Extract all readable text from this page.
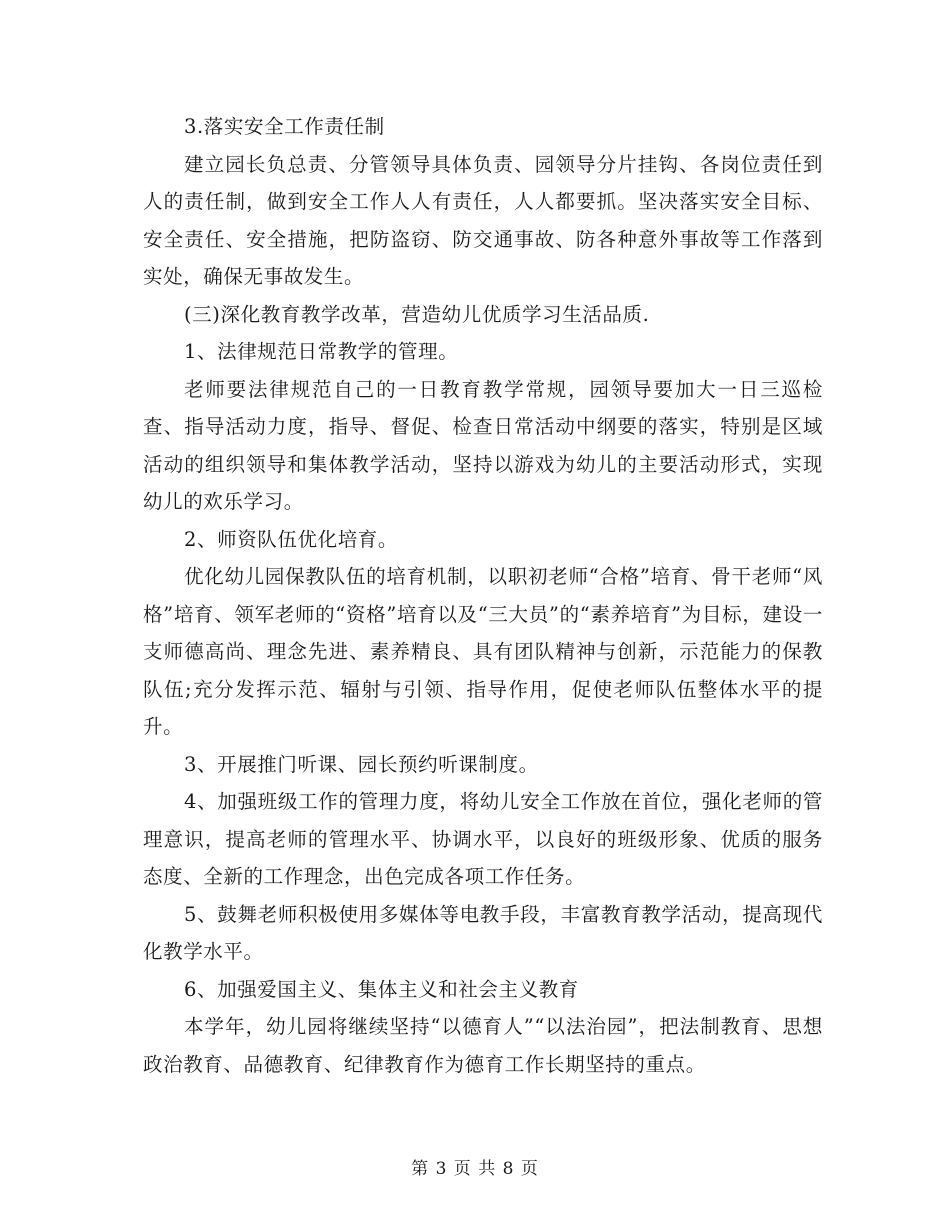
3.落实安全工作责任制

建立园长负总责、分管领导具体负责、园领导分片挂钩、各岗位责任到人的责任制，做到安全工作人人有责任，人人都要抓。坚决落实安全目标、安全责任、安全措施，把防盗窃、防交通事故、防各种意外事故等工作落到实处，确保无事故发生。

(三)深化教育教学改革，营造幼儿优质学习生活品质.

1、法律规范日常教学的管理。

老师要法律规范自己的一日教育教学常规，园领导要加大一日三巡检查、指导活动力度，指导、督促、检查日常活动中纲要的落实，特别是区域活动的组织领导和集体教学活动，坚持以游戏为幼儿的主要活动形式，实现幼儿的欢乐学习。

2、师资队伍优化培育。

优化幼儿园保教队伍的培育机制，以职初老师“合格”培育、骨干老师“风格”培育、领军老师的“资格”培育以及“三大员”的“素养培育”为目标，建设一支师德高尚、理念先进、素养精良、具有团队精神与创新，示范能力的保教队伍;充分发挥示范、辐射与引领、指导作用，促使老师队伍整体水平的提升。

3、开展推门听课、园长预约听课制度。

4、加强班级工作的管理力度，将幼儿安全工作放在首位，强化老师的管理意识，提高老师的管理水平、协调水平，以良好的班级形象、优质的服务态度、全新的工作理念，出色完成各项工作任务。

5、鼓舞老师积极使用多媒体等电教手段，丰富教育教学活动，提高现代化教学水平。

6、加强爱国主义、集体主义和社会主义教育

本学年，幼儿园将继续坚持“以德育人”“以法治园”，把法制教育、思想政治教育、品德教育、纪律教育作为德育工作长期坚持的重点。

第 3 页 共 8 页
